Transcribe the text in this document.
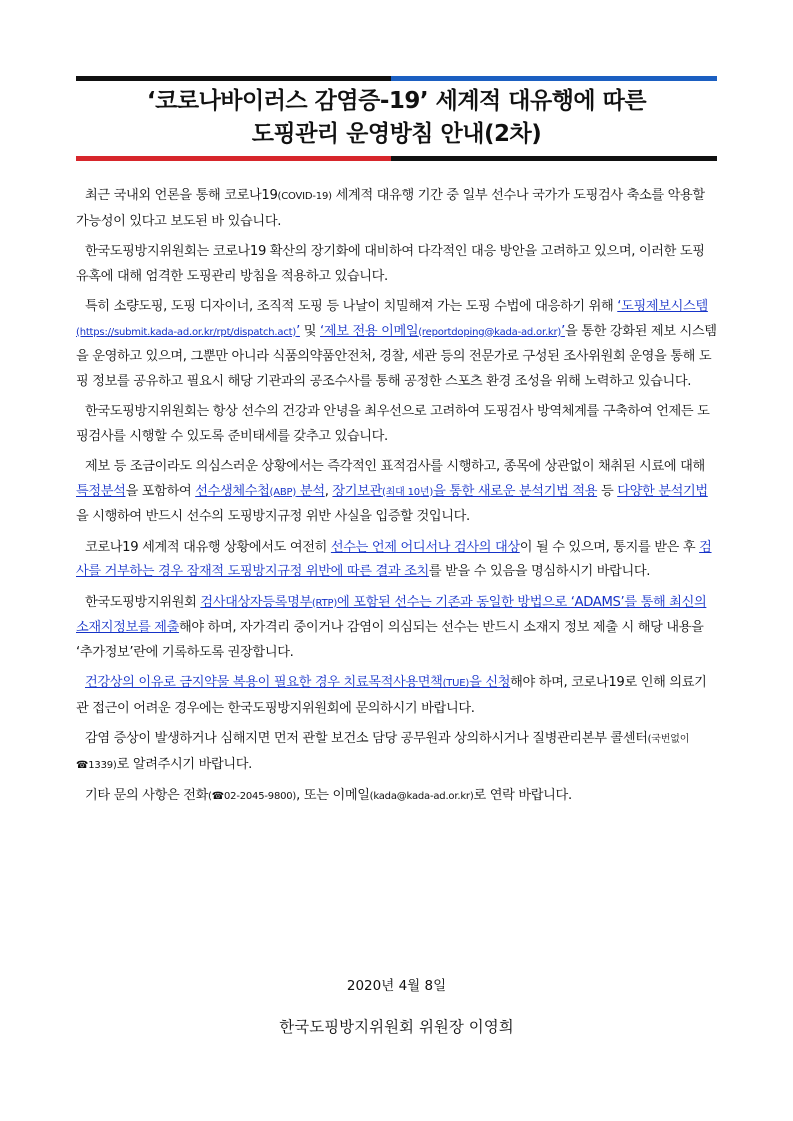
‘코로나바이러스 감염증-19’ 세계적 대유행에 따른
도핑관리 운영방침 안내(2차)

최근 국내외 언론을 통해 코로나19(COVID-19) 세계적 대유행 기간 중 일부 선수나 국가가 도핑검사 축소를 악용할 가능성이 있다고 보도된 바 있습니다.

한국도핑방지위원회는 코로나19 확산의 장기화에 대비하여 다각적인 대응 방안을 고려하고 있으며, 이러한 도핑 유혹에 대해 엄격한 도핑관리 방침을 적용하고 있습니다.

특히 소량도핑, 도핑 디자이너, 조직적 도핑 등 나날이 치밀해져 가는 도핑 수법에 대응하기 위해 ‘도핑제보시스템(https://submit.kada-ad.or.kr/rpt/dispatch.act)’ 및 ‘제보 전용 이메일(reportdoping@kada-ad.or.kr)’을 통한 강화된 제보 시스템을 운영하고 있으며, 그뿐만 아니라 식품의약품안전처, 경찰, 세관 등의 전문가로 구성된 조사위원회 운영을 통해 도핑 정보를 공유하고 필요시 해당 기관과의 공조수사를 통해 공정한 스포츠 환경 조성을 위해 노력하고 있습니다.

한국도핑방지위원회는 항상 선수의 건강과 안녕을 최우선으로 고려하여 도핑검사 방역체계를 구축하여 언제든 도핑검사를 시행할 수 있도록 준비태세를 갖추고 있습니다.

제보 등 조금이라도 의심스러운 상황에서는 즉각적인 표적검사를 시행하고, 종목에 상관없이 채취된 시료에 대해 특정분석을 포함하여 선수생체수첩(ABP) 분석, 장기보관(최대 10년)을 통한 새로운 분석기법 적용 등 다양한 분석기법을 시행하여 반드시 선수의 도핑방지규정 위반 사실을 입증할 것입니다.

코로나19 세계적 대유행 상황에서도 여전히 선수는 언제 어디서나 검사의 대상이 될 수 있으며, 통지를 받은 후 검사를 거부하는 경우 잠재적 도핑방지규정 위반에 따른 결과 조치를 받을 수 있음을 명심하시기 바랍니다.

한국도핑방지위원회 검사대상자등록명부(RTP)에 포함된 선수는 기존과 동일한 방법으로 ‘ADAMS’를 통해 최신의 소재지정보를 제출해야 하며, 자가격리 중이거나 감염이 의심되는 선수는 반드시 소재지 정보 제출 시 해당 내용을 ‘추가정보’란에 기록하도록 권장합니다.

건강상의 이유로 금지약물 복용이 필요한 경우 치료목적사용면책(TUE)을 신청해야 하며, 코로나19로 인해 의료기관 접근이 어려운 경우에는 한국도핑방지위원회에 문의하시기 바랍니다.

감염 증상이 발생하거나 심해지면 먼저 관할 보건소 담당 공무원과 상의하시거나 질병관리본부 콜센터(국번없이 ☎1339)로 알려주시기 바랍니다.

기타 문의 사항은 전화(☎02-2045-9800), 또는 이메일(kada@kada-ad.or.kr)로 연락 바랍니다.

2020년 4월 8일
한국도핑방지위원회 위원장 이영희
